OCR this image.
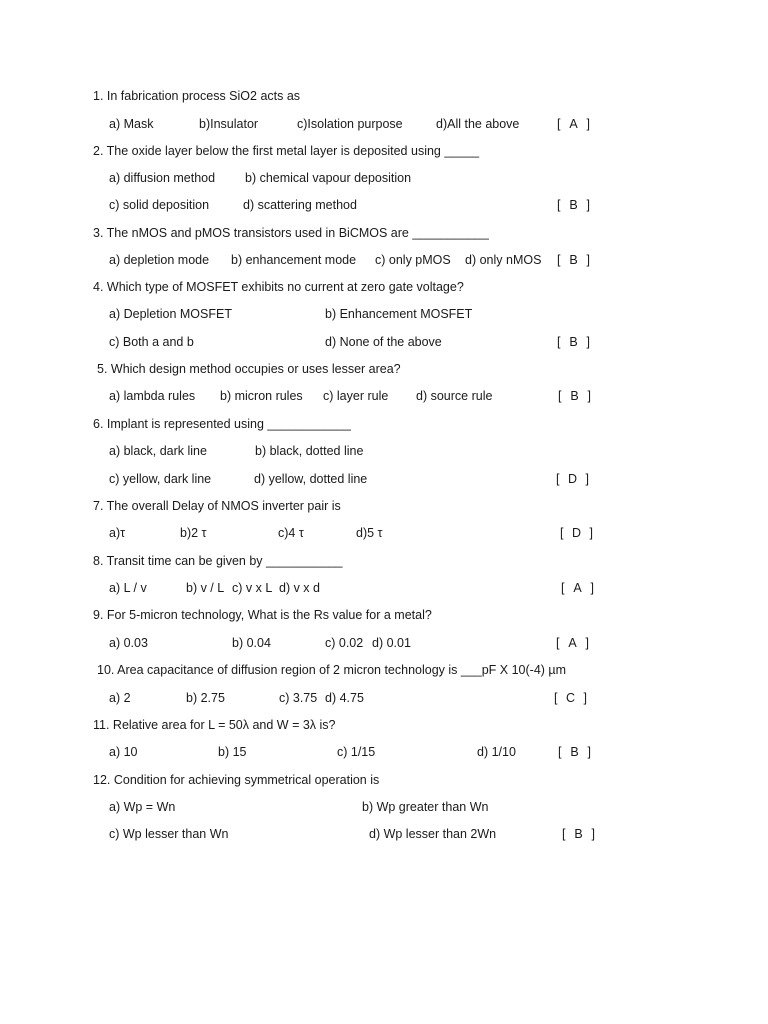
1. In fabrication process SiO2 acts as
a) Mask	b)Insulator	c)Isolation purpose	d)All the above	[ A ]
2. The oxide layer below the first metal layer is deposited using _____
a) diffusion method b) chemical vapour deposition
c) solid deposition	d) scattering method	[ B ]
3. The nMOS and pMOS transistors used in BiCMOS are ___________
a) depletion mode b) enhancement mode c) only pMOS d) only nMOS [ B ]
4. Which type of MOSFET exhibits no current at zero gate voltage?
a) Depletion MOSFET	b) Enhancement MOSFET
c) Both a and b	d) None of the above	[ B ]
5. Which design method occupies or uses lesser area?
a) lambda rules b) micron rules c) layer rule d) source rule	[ B ]
6. Implant is represented using ____________
a) black, dark line	b) black, dotted line
c) yellow, dark line	d) yellow, dotted line	[ D ]
7. The overall Delay of NMOS inverter pair is
a)τ	b)2 τ	c)4 τ	d)5 τ	[ D ]
8. Transit time can be given by ___________
a) L / v	b) v / L c) v x L d) v x d	[ A ]
9. For 5-micron technology, What is the Rs value for a metal?
a) 0.03	b) 0.04	c) 0.02 d) 0.01	[ A ]
10. Area capacitance of diffusion region of 2 micron technology is ___pF X 10(-4) µm
a) 2	b) 2.75	c) 3.75 d) 4.75	[ C ]
11. Relative area for L = 50λ and W = 3λ is?
a) 10	b) 15	c) 1/15	d) 1/10	[ B ]
12. Condition for achieving symmetrical operation is
a) Wp = Wn	b) Wp greater than Wn
c) Wp lesser than Wn	d) Wp lesser than 2Wn	[ B ]
